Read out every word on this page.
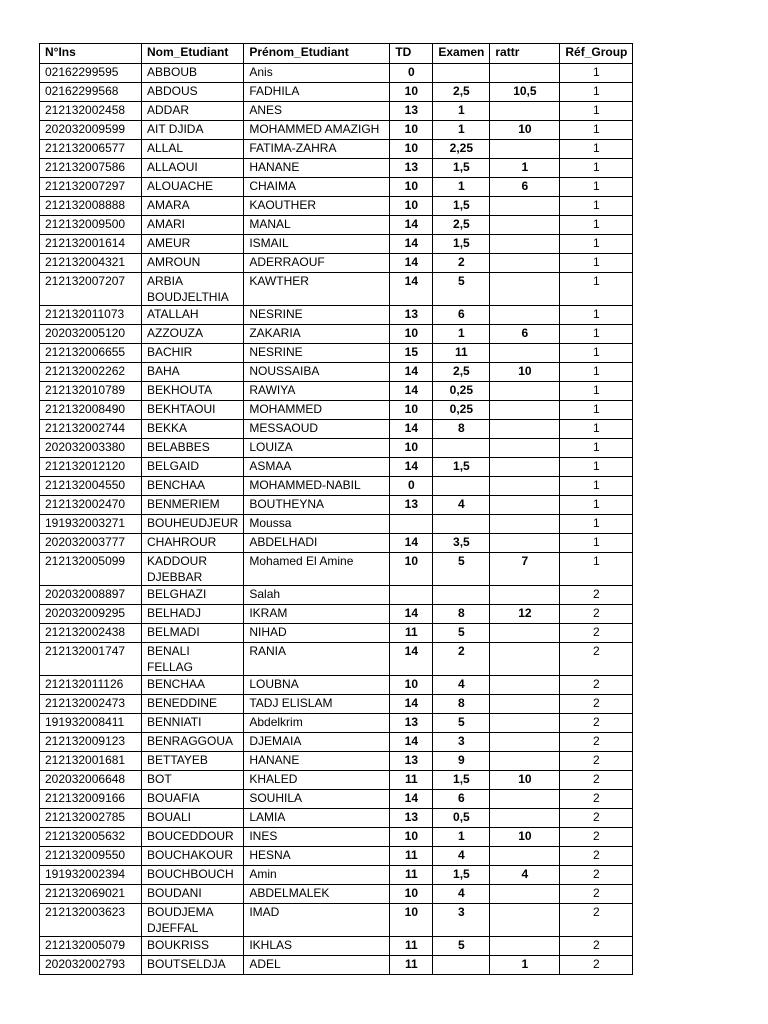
N°Ins	Nom_Etudiant	Prénom_Etudiant	TD	Examen	rattr	Réf_Group
02162299595	ABBOUB	Anis	0			1
02162299568	ABDOUS	FADHILA	10	2,5	10,5	1
212132002458	ADDAR	ANES	13	1		1
202032009599	AIT DJIDA	MOHAMMED AMAZIGH	10	1	10	1
212132006577	ALLAL	FATIMA-ZAHRA	10	2,25		1
212132007586	ALLAOUI	HANANE	13	1,5	1	1
212132007297	ALOUACHE	CHAIMA	10	1	6	1
212132008888	AMARA	KAOUTHER	10	1,5		1
212132009500	AMARI	MANAL	14	2,5		1
212132001614	AMEUR	ISMAIL	14	1,5		1
212132004321	AMROUN	ADERRAOUF	14	2		1
212132007207	ARBIA BOUDJELTHIA	KAWTHER	14	5		1
212132011073	ATALLAH	NESRINE	13	6		1
202032005120	AZZOUZA	ZAKARIA	10	1	6	1
212132006655	BACHIR	NESRINE	15	11		1
212132002262	BAHA	NOUSSAIBA	14	2,5	10	1
212132010789	BEKHOUTA	RAWIYA	14	0,25		1
212132008490	BEKHTAOUI	MOHAMMED	10	0,25		1
212132002744	BEKKA	MESSAOUD	14	8		1
202032003380	BELABBES	LOUIZA	10			1
212132012120	BELGAID	ASMAA	14	1,5		1
212132004550	BENCHAA	MOHAMMED-NABIL	0			1
212132002470	BENMERIEM	BOUTHEYNA	13	4		1
191932003271	BOUHEUDJEUR	Moussa				1
202032003777	CHAHROUR	ABDELHADI	14	3,5		1
212132005099	KADDOUR DJEBBAR	Mohamed El Amine	10	5	7	1
202032008897	BELGHAZI	Salah				2
202032009295	BELHADJ	IKRAM	14	8	12	2
212132002438	BELMADI	NIHAD	11	5		2
212132001747	BENALI FELLAG	RANIA	14	2		2
212132011126	BENCHAA	LOUBNA	10	4		2
212132002473	BENEDDINE	TADJ ELISLAM	14	8		2
191932008411	BENNIATI	Abdelkrim	13	5		2
212132009123	BENRAGGOUA	DJEMAIA	14	3		2
212132001681	BETTAYEB	HANANE	13	9		2
202032006648	BOT	KHALED	11	1,5	10	2
212132009166	BOUAFIA	SOUHILA	14	6		2
212132002785	BOUALI	LAMIA	13	0,5		2
212132005632	BOUCEDDOUR	INES	10	1	10	2
212132009550	BOUCHAKOUR	HESNA	11	4		2
191932002394	BOUCHBOUCH	Amin	11	1,5	4	2
212132069021	BOUDANI	ABDELMALEK	10	4		2
212132003623	BOUDJEMA DJEFFAL	IMAD	10	3		2
212132005079	BOUKRISS	IKHLAS	11	5		2
202032002793	BOUTSELDJA	ADEL	11		1	2
